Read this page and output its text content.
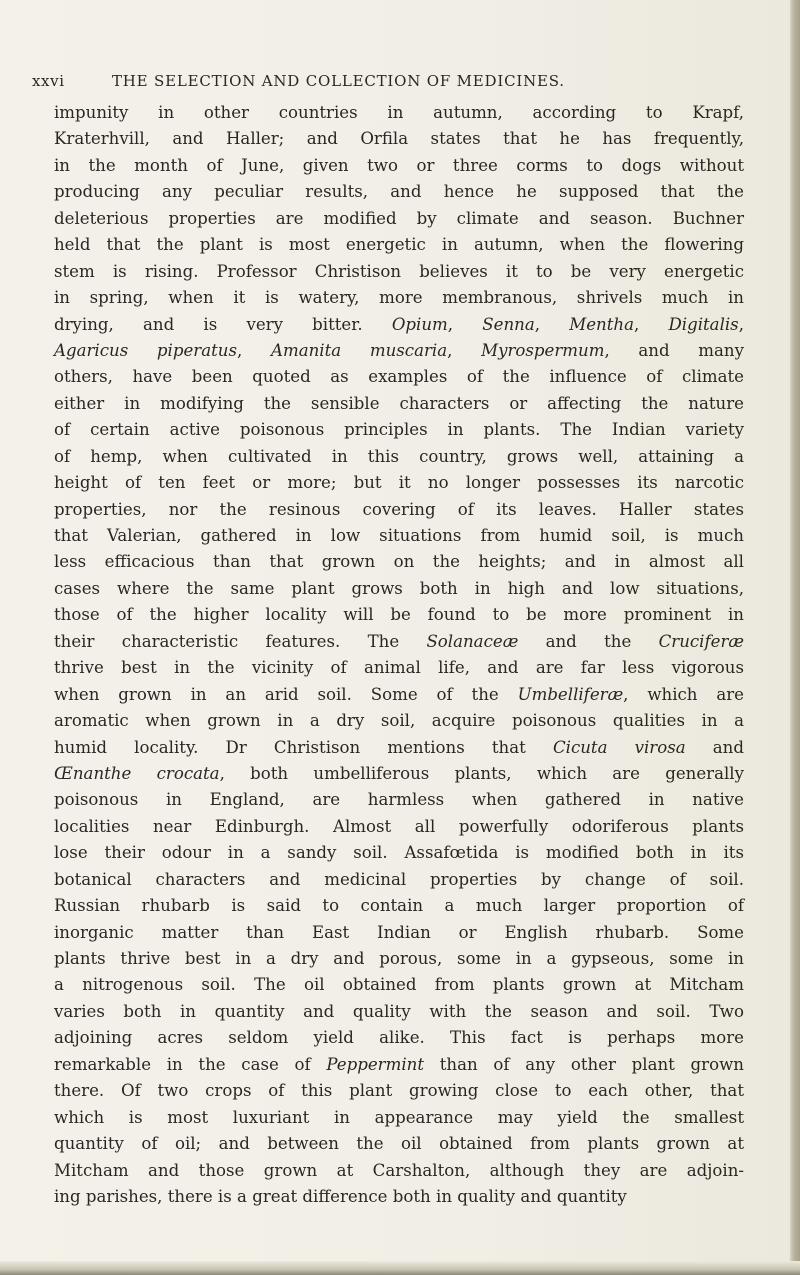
xxvi	THE SELECTION AND COLLECTION OF MEDICINES.
impunity in other countries in autumn, according to Krapf,
Kraterhvill, and Haller; and Orfila states that he has frequently,
in the month of June, given two or three corms to dogs without
producing any peculiar results, and hence he supposed that the
deleterious properties are modified by climate and season. Buchner
held that the plant is most energetic in autumn, when the flowering
stem is rising. Professor Christison believes it to be very energetic
in spring, when it is watery, more membranous, shrivels much in
drying, and is very bitter. Opium, Senna, Mentha, Digitalis,
Agaricus piperatus, Amanita muscaria, Myrospermum, and many
others, have been quoted as examples of the influence of climate
either in modifying the sensible characters or affecting the nature
of certain active poisonous principles in plants. The Indian variety
of hemp, when cultivated in this country, grows well, attaining a
height of ten feet or more; but it no longer possesses its narcotic
properties, nor the resinous covering of its leaves. Haller states
that Valerian, gathered in low situations from humid soil, is much
less efficacious than that grown on the heights; and in almost all
cases where the same plant grows both in high and low situations,
those of the higher locality will be found to be more prominent in
their characteristic features. The Solanaceæ and the Cruciferæ
thrive best in the vicinity of animal life, and are far less vigorous
when grown in an arid soil. Some of the Umbelliferæ, which are
aromatic when grown in a dry soil, acquire poisonous qualities in a
humid locality. Dr Christison mentions that Cicuta virosa and
Œnanthe crocata, both umbelliferous plants, which are generally
poisonous in England, are harmless when gathered in native
localities near Edinburgh. Almost all powerfully odoriferous plants
lose their odour in a sandy soil. Assafœtida is modified both in its
botanical characters and medicinal properties by change of soil.
Russian rhubarb is said to contain a much larger proportion of
inorganic matter than East Indian or English rhubarb. Some
plants thrive best in a dry and porous, some in a gypseous, some in
a nitrogenous soil. The oil obtained from plants grown at Mitcham
varies both in quantity and quality with the season and soil. Two
adjoining acres seldom yield alike. This fact is perhaps more
remarkable in the case of Peppermint than of any other plant grown
there. Of two crops of this plant growing close to each other, that
which is most luxuriant in appearance may yield the smallest
quantity of oil; and between the oil obtained from plants grown at
Mitcham and those grown at Carshalton, although they are adjoin-
ing parishes, there is a great difference both in quality and quantity
